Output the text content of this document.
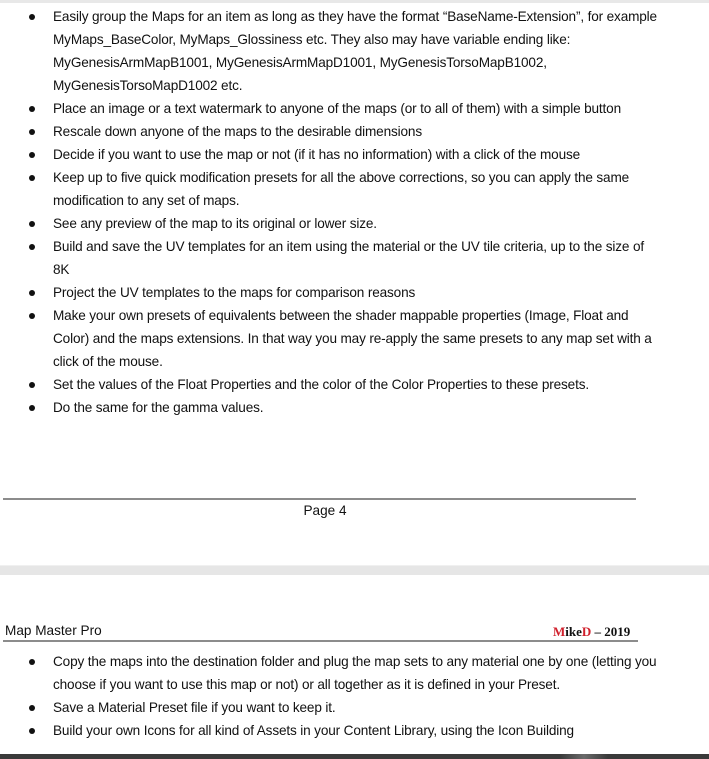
Easily group the Maps for an item as long as they have the format “BaseName-Extension”, for example MyMaps_BaseColor, MyMaps_Glossiness etc. They also may have variable ending like: MyGenesisArmMapB1001, MyGenesisArmMapD1001, MyGenesisTorsoMapB1002, MyGenesisTorsoMapD1002 etc.
Place an image or a text watermark to anyone of the maps (or to all of them) with a simple button
Rescale down anyone of the maps to the desirable dimensions
Decide if you want to use the map or not (if it has no information) with a click of the mouse
Keep up to five quick modification presets for all the above corrections, so you can apply the same modification to any set of maps.
See any preview of the map to its original or lower size.
Build and save the UV templates for an item using the material or the UV tile criteria, up to the size of 8K
Project the UV templates to the maps for comparison reasons
Make your own presets of equivalents between the shader mappable properties (Image, Float and Color) and the maps extensions. In that way you may re-apply the same presets to any map set with a click of the mouse.
Set the values of the Float Properties and the color of the Color Properties to these presets.
Do the same for the gamma values.
Page 4
Map Master Pro	MikeD – 2019
Copy the maps into the destination folder and plug the map sets to any material one by one (letting you choose if you want to use this map or not) or all together as it is defined in your Preset.
Save a Material Preset file if you want to keep it.
Build your own Icons for all kind of Assets in your Content Library, using the Icon Building
